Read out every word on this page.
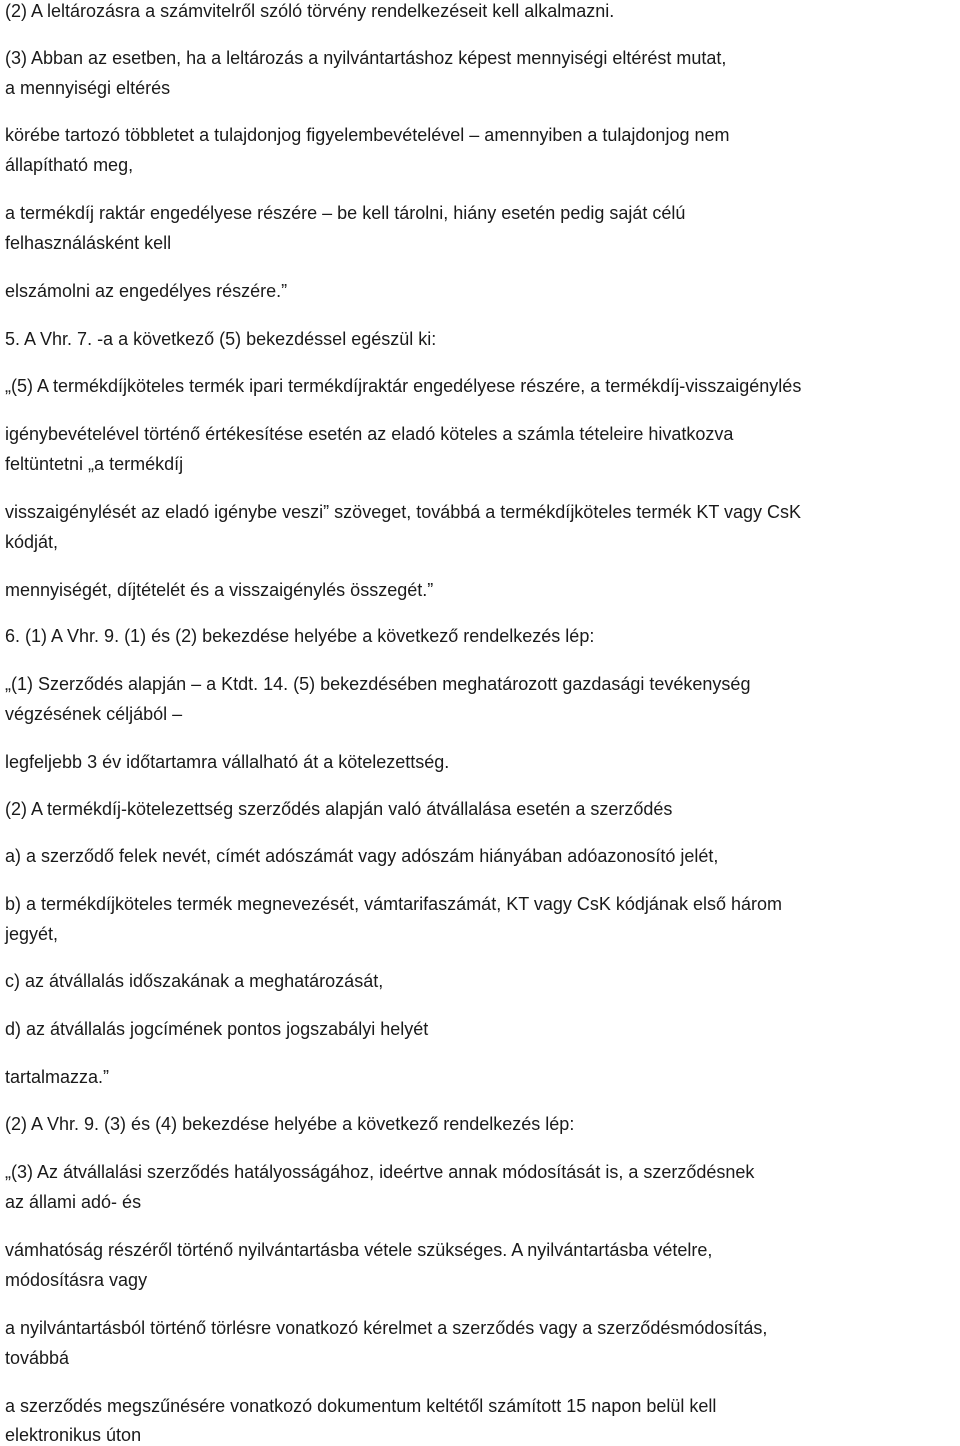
(2) A leltározásra a számvitelről szóló törvény rendelkezéseit kell alkalmazni.
(3) Abban az esetben, ha a leltározás a nyilvántartáshoz képest mennyiségi eltérést mutat,
a mennyiségi eltérés
körébe tartozó többletet a tulajdonjog figyelembevételével – amennyiben a tulajdonjog nem
állapítható meg,
a termékdíj raktár engedélyese részére – be kell tárolni, hiány esetén pedig saját célú
felhasználásként kell
elszámolni az engedélyes részére.”
5. A Vhr. 7. -a a következő (5) bekezdéssel egészül ki:
„(5) A termékdíjköteles termék ipari termékdíjraktár engedélyese részére, a termékdíj-visszaigénylés
igénybevételével történő értékesítése esetén az eladó köteles a számla tételeire hivatkozva
feltüntetni „a termékdíj
visszaigénylését az eladó igénybe veszi” szöveget, továbbá a termékdíjköteles termék KT vagy CsK
kódját,
mennyiségét, díjtételét és a visszaigénylés összegét.”
6. (1) A Vhr. 9. (1) és (2) bekezdése helyébe a következő rendelkezés lép:
„(1) Szerződés alapján – a Ktdt. 14. (5) bekezdésében meghatározott gazdasági tevékenység
végzésének céljából –
legfeljebb 3 év időtartamra vállalható át a kötelezettség.
(2) A termékdíj-kötelezettség szerződés alapján való átvállalása esetén a szerződés
a) a szerződő felek nevét, címét adószámát vagy adószám hiányában adóazonosító jelét,
b) a termékdíjköteles termék megnevezését, vámtarifaszámát, KT vagy CsK kódjának első három
jegyét,
c) az átvállalás időszakának a meghatározását,
d) az átvállalás jogcímének pontos jogszabályi helyét
tartalmazza.”
(2) A Vhr. 9. (3) és (4) bekezdése helyébe a következő rendelkezés lép:
„(3) Az átvállalási szerződés hatályosságához, ideértve annak módosítását is, a szerződésnek
az állami adó- és
vámhatóság részéről történő nyilvántartásba vétele szükséges. A nyilvántartásba vételre,
módosításra vagy
a nyilvántartásból történő törlésre vonatkozó kérelmet a szerződés vagy a szerződésmódosítás,
továbbá
a szerződés megszűnésére vonatkozó dokumentum keltétől számított 15 napon belül kell
elektronikus úton
